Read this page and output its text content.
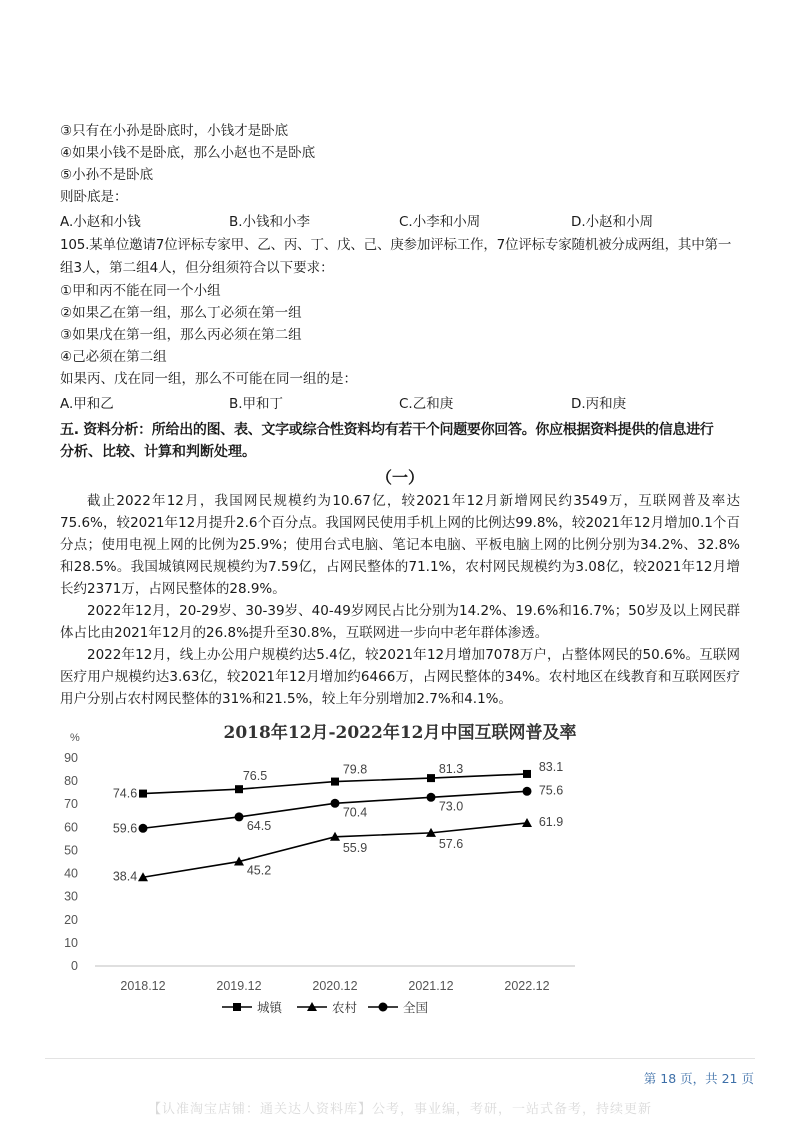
③只有在小孙是卧底时，小钱才是卧底
④如果小钱不是卧底，那么小赵也不是卧底
⑤小孙不是卧底
则卧底是：
A.小赵和小钱	B.小钱和小李	C.小李和小周	D.小赵和小周
105.某单位邀请7位评标专家甲、乙、丙、丁、戊、己、庚参加评标工作，7位评标专家随机被分成两组，其中第一
组3人，第二组4人，但分组须符合以下要求：
①甲和丙不能在同一个小组
②如果乙在第一组，那么丁必须在第一组
③如果戊在第一组，那么丙必须在第二组
④己必须在第二组
如果丙、戊在同一组，那么不可能在同一组的是：
A.甲和乙	B.甲和丁	C.乙和庚	D.丙和庚
五. 资料分析：所给出的图、表、文字或综合性资料均有若干个问题要你回答。你应根据资料提供的信息进行
分析、比较、计算和判断处理。
（一）

截止2022年12月，我国网民规模约为10.67亿，较2021年12月新增网民约3549万，互联网普及率达75.6%，较2021年12月提升2.6个百分点。我国网民使用手机上网的比例达99.8%，较2021年12月增加0.1个百分点；使用电视上网的比例为25.9%；使用台式电脑、笔记本电脑、平板电脑上网的比例分别为34.2%、32.8%和28.5%。我国城镇网民规模约为7.59亿，占网民整体的71.1%，农村网民规模约为3.08亿，较2021年12月增长约2371万，占网民整体的28.9%。

2022年12月，20-29岁、30-39岁、40-49岁网民占比分别为14.2%、19.6%和16.7%；50岁及以上网民群体占比由2021年12月的26.8%提升至30.8%，互联网进一步向中老年群体渗透。

2022年12月，线上办公用户规模约达5.4亿，较2021年12月增加7078万户，占整体网民的50.6%。互联网医疗用户规模约达3.63亿，较2021年12月增加约6466万，占网民整体的34%。农村地区在线教育和互联网医疗用户分别占农村网民整体的31%和21.5%，较上年分别增加2.7%和4.1%。

2018年12月-2022年12月中国互联网普及率
%
0
10
20
30
40
50
60
70
80
90
2018.12	2019.12	2020.12	2021.12	2022.12
74.6
76.5	79.8	81.3	83.1
38.4	45.2
55.9	57.6
61.9
59.6	64.5
70.4	73.0
75.6
城镇	农村	全国
第 18 页，共 21 页
【认准淘宝店铺：通关达人资料库】公考，事业编，考研，一站式备考，持续更新
